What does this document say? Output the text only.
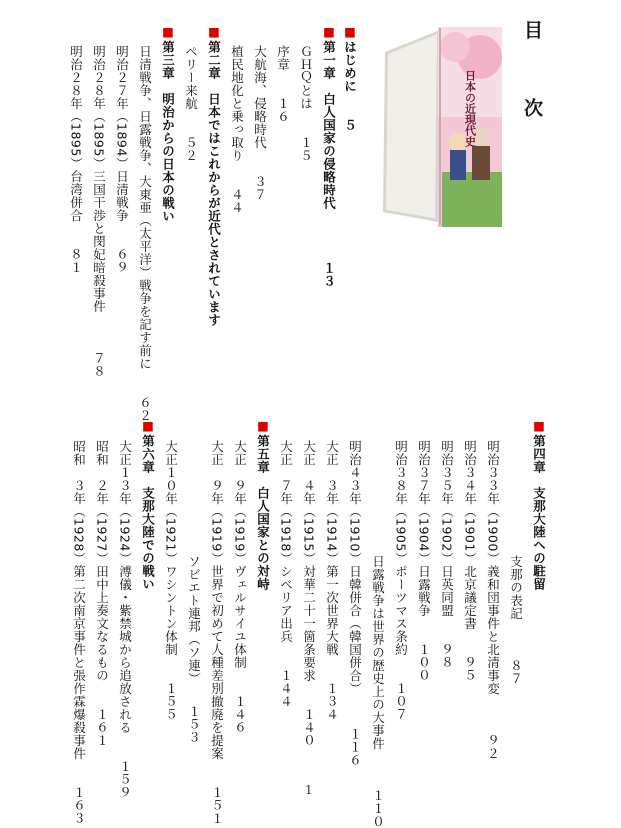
目 次
日本の近現代史
■はじめに　　５
■第一章　白人国家の侵略時代　　　　１３
ＧＨＱとは　　１５
序章　　１６
大航海、侵略時代　　３７
植民地化と乗っ取り　　４４
■第二章　日本ではこれからが近代とされています
ペリー来航　　５２
■第三章　明治からの日本の戦い
日清戦争、日露戦争、大東亜（太平洋）戦争を記す前に　　６２
明治２７年（1894）日清戦争　　６９
明治２８年（1895）三国干渉と閔妃暗殺事件　　　７８
明治２８年（1895）台湾併合　　８１
■第四章　支那大陸への駐留
支那の表記　　　８７
明治３３年（1900）義和団事件と北清事変　　　９２
明治３４年（1901）北京議定書　　９５
明治３５年（1902）日英同盟　　９８
明治３７年（1904）日露戦争　　１００
明治３８年（1905）ポーツマス条約　　１０７
日露戦争は世界の歴史上の大事件　　　１１０
明治４３年（1910）日韓併合（韓国併合）　　　１１６
大正　３年（1914）第一次世界大戦　　１３４
大正　４年（1915）対華二十一箇条要求　　１４０
大正　７年（1918）シベリア出兵　　１４４
■第五章　白人国家との対峙
大正　９年（1919）ヴェルサイユ体制　　１４６
大正　９年（1919）世界で初めて人種差別撤廃を提案　　１５１
ソビエト連邦（ソ連）　　１５３
大正１０年（1921）ワシントン体制　　１５５
■第六章　支那大陸での戦い
大正１３年（1924）溥儀・紫禁城から追放される　　１５９
昭和　２年（1927）田中上奏文なるもの　　１６１
昭和　３年（1928）第二次南京事件と張作霖爆殺事件　　１６３	1
